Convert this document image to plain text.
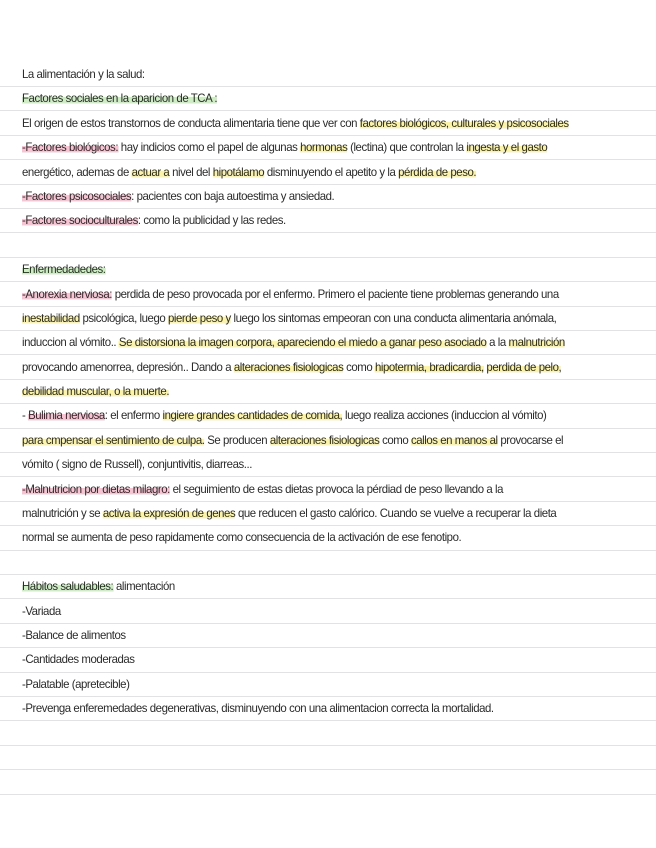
La alimentación y la salud:
Factores sociales en la aparicion de TCA :
El origen de estos transtornos de conducta alimentaria tiene que ver con factores biológicos, culturales y psicosociales
-Factores biológicos: hay indicios como el papel de algunas hormonas (lectina) que controlan la ingesta y el gasto
energético, ademas de actuar a nivel del hipotálamo disminuyendo el apetito y la pérdida de peso.
-Factores psicosociales: pacientes con baja autoestima y ansiedad.
-Factores socioculturales: como la publicidad y las redes.
Enfermedadedes:
-Anorexia nerviosa: perdida de peso provocada por el enfermo. Primero el paciente tiene problemas generando una
inestabilidad psicológica, luego pierde peso y luego los sintomas empeoran con una conducta alimentaria anómala,
induccion al vómito.. Se distorsiona la imagen corpora, apareciendo el miedo a ganar peso asociado a la malnutrición
provocando amenorrea, depresión.. Dando a alteraciones fisiologicas como hipotermia, bradicardia, perdida de pelo,
debilidad muscular, o la muerte.
- Bulimia nerviosa: el enfermo ingiere grandes cantidades de comida, luego realiza acciones (induccion al vómito)
para cmpensar el sentimiento de culpa. Se producen alteraciones fisiologicas como callos en manos al provocarse el
vómito ( signo de Russell), conjuntivitis, diarreas...
-Malnutricion por dietas milagro: el seguimiento de estas dietas provoca la pérdiad de peso llevando a la
malnutrición y se activa la expresión de genes que reducen el gasto calórico. Cuando se vuelve a recuperar la dieta
normal se aumenta de peso rapidamente como consecuencia de la activación de ese fenotipo.
Hábitos saludables: alimentación
-Variada
-Balance de alimentos
-Cantidades moderadas
-Palatable (apretecible)
-Prevenga enferemedades degenerativas, disminuyendo con una alimentacion correcta la mortalidad.
